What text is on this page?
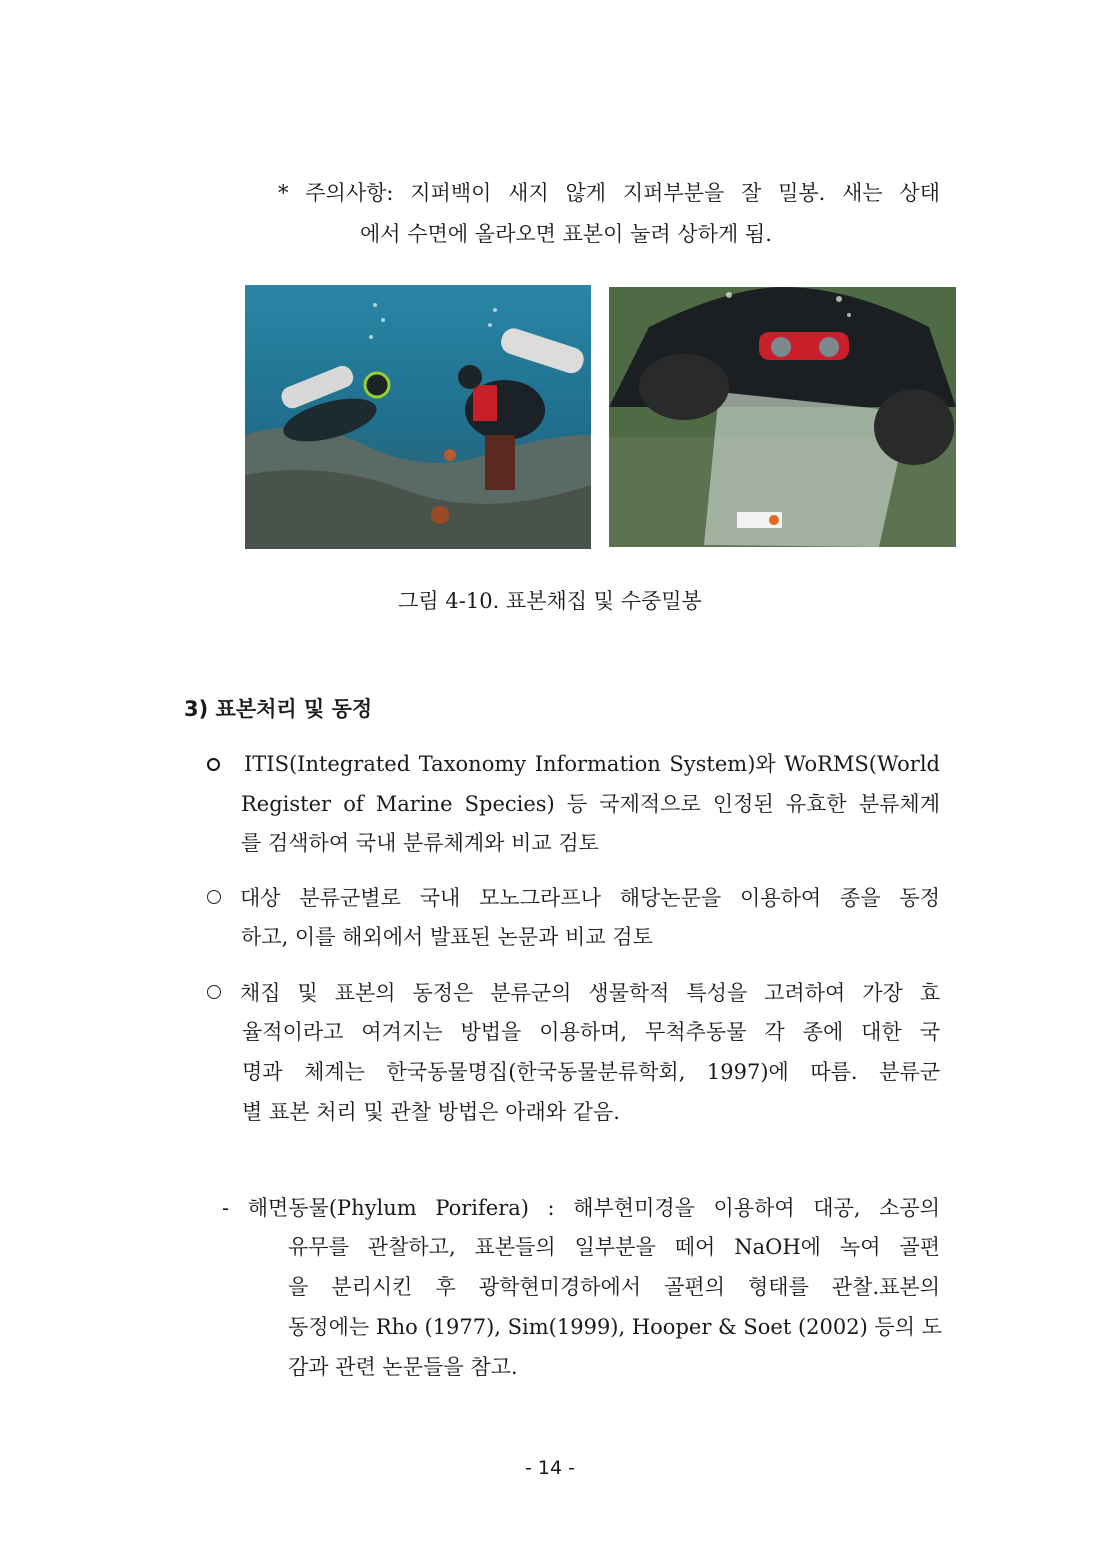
* 주의사항: 지퍼백이 새지 않게 지퍼부분을 잘 밀봉. 새는 상태
에서 수면에 올라오면 표본이 눌려 상하게 됨.
그림 4-10. 표본채집 및 수중밀봉
3) 표본처리 및 동정
ITIS(Integrated Taxonomy Information System)와 WoRMS(World
Register of Marine Species) 등 국제적으로 인정된 유효한 분류체계
를 검색하여 국내 분류체계와 비교 검토
대상 분류군별로 국내 모노그라프나 해당논문을 이용하여 종을 동정
하고, 이를 해외에서 발표된 논문과 비교 검토
채집 및 표본의 동정은 분류군의 생물학적 특성을 고려하여 가장 효
율적이라고 여겨지는 방법을 이용하며, 무척추동물 각 종에 대한 국
명과 체계는 한국동물명집(한국동물분류학회, 1997)에 따름. 분류군
별 표본 처리 및 관찰 방법은 아래와 같음.
- 해면동물(Phylum Porifera) : 해부현미경을 이용하여 대공, 소공의
유무를 관찰하고, 표본들의 일부분을 떼어 NaOH에 녹여 골편
을 분리시킨 후 광학현미경하에서 골편의 형태를 관찰.표본의
동정에는 Rho (1977), Sim(1999), Hooper & Soet (2002) 등의 도
감과 관련 논문들을 참고.
- 14 -
